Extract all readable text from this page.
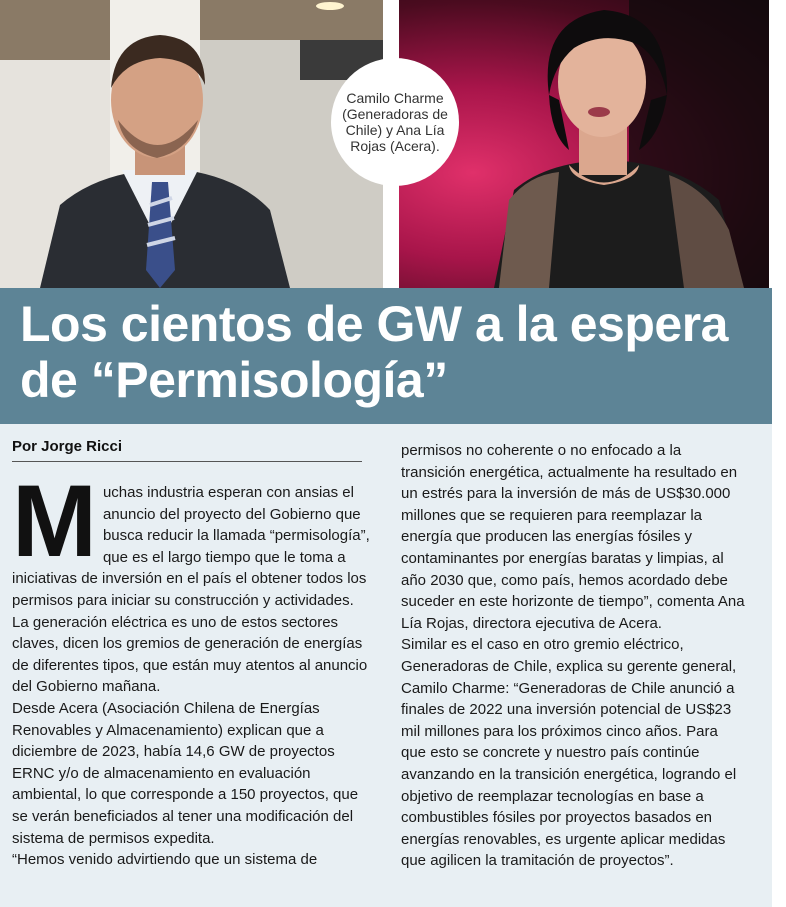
Camilo Charme (Generadoras de Chile) y Ana Lía Rojas (Acera).
Los cientos de GW a la espera de “Permisología”
Por Jorge Ricci

Muchas industria esperan con ansias el anuncio del proyecto del Gobierno que busca reducir la llamada “permisología”, que es el largo tiempo que le toma a iniciativas de inversión en el país el obtener todos los permisos para iniciar su construcción y actividades.

La generación eléctrica es uno de estos sectores claves, dicen los gremios de generación de energías de diferentes tipos, que están muy atentos al anuncio del Gobierno mañana.

Desde Acera (Asociación Chilena de Energías Renovables y Almacenamiento) explican que a diciembre de 2023, había 14,6 GW de proyectos ERNC y/o de almacenamiento en evaluación ambiental, lo que corresponde a 150 proyectos, que se verán beneficiados al tener una modificación del sistema de permisos expedita.

“Hemos venido advirtiendo que un sistema de

permisos no coherente o no enfocado a la transición energética, actualmente ha resultado en un estrés para la inversión de más de US$30.000 millones que se requieren para reemplazar la energía que producen las energías fósiles y contaminantes por energías baratas y limpias, al año 2030 que, como país, hemos acordado debe suceder en este horizonte de tiempo”, comenta Ana Lía Rojas, directora ejecutiva de Acera.

Similar es el caso en otro gremio eléctrico, Generadoras de Chile, explica su gerente general, Camilo Charme: “Generadoras de Chile anunció a finales de 2022 una inversión potencial de US$23 mil millones para los próximos cinco años. Para que esto se concrete y nuestro país continúe avanzando en la transición energética, logrando el objetivo de reemplazar tecnologías en base a combustibles fósiles por proyectos basados en energías renovables, es urgente aplicar medidas que agilicen la tramitación de proyectos”.
